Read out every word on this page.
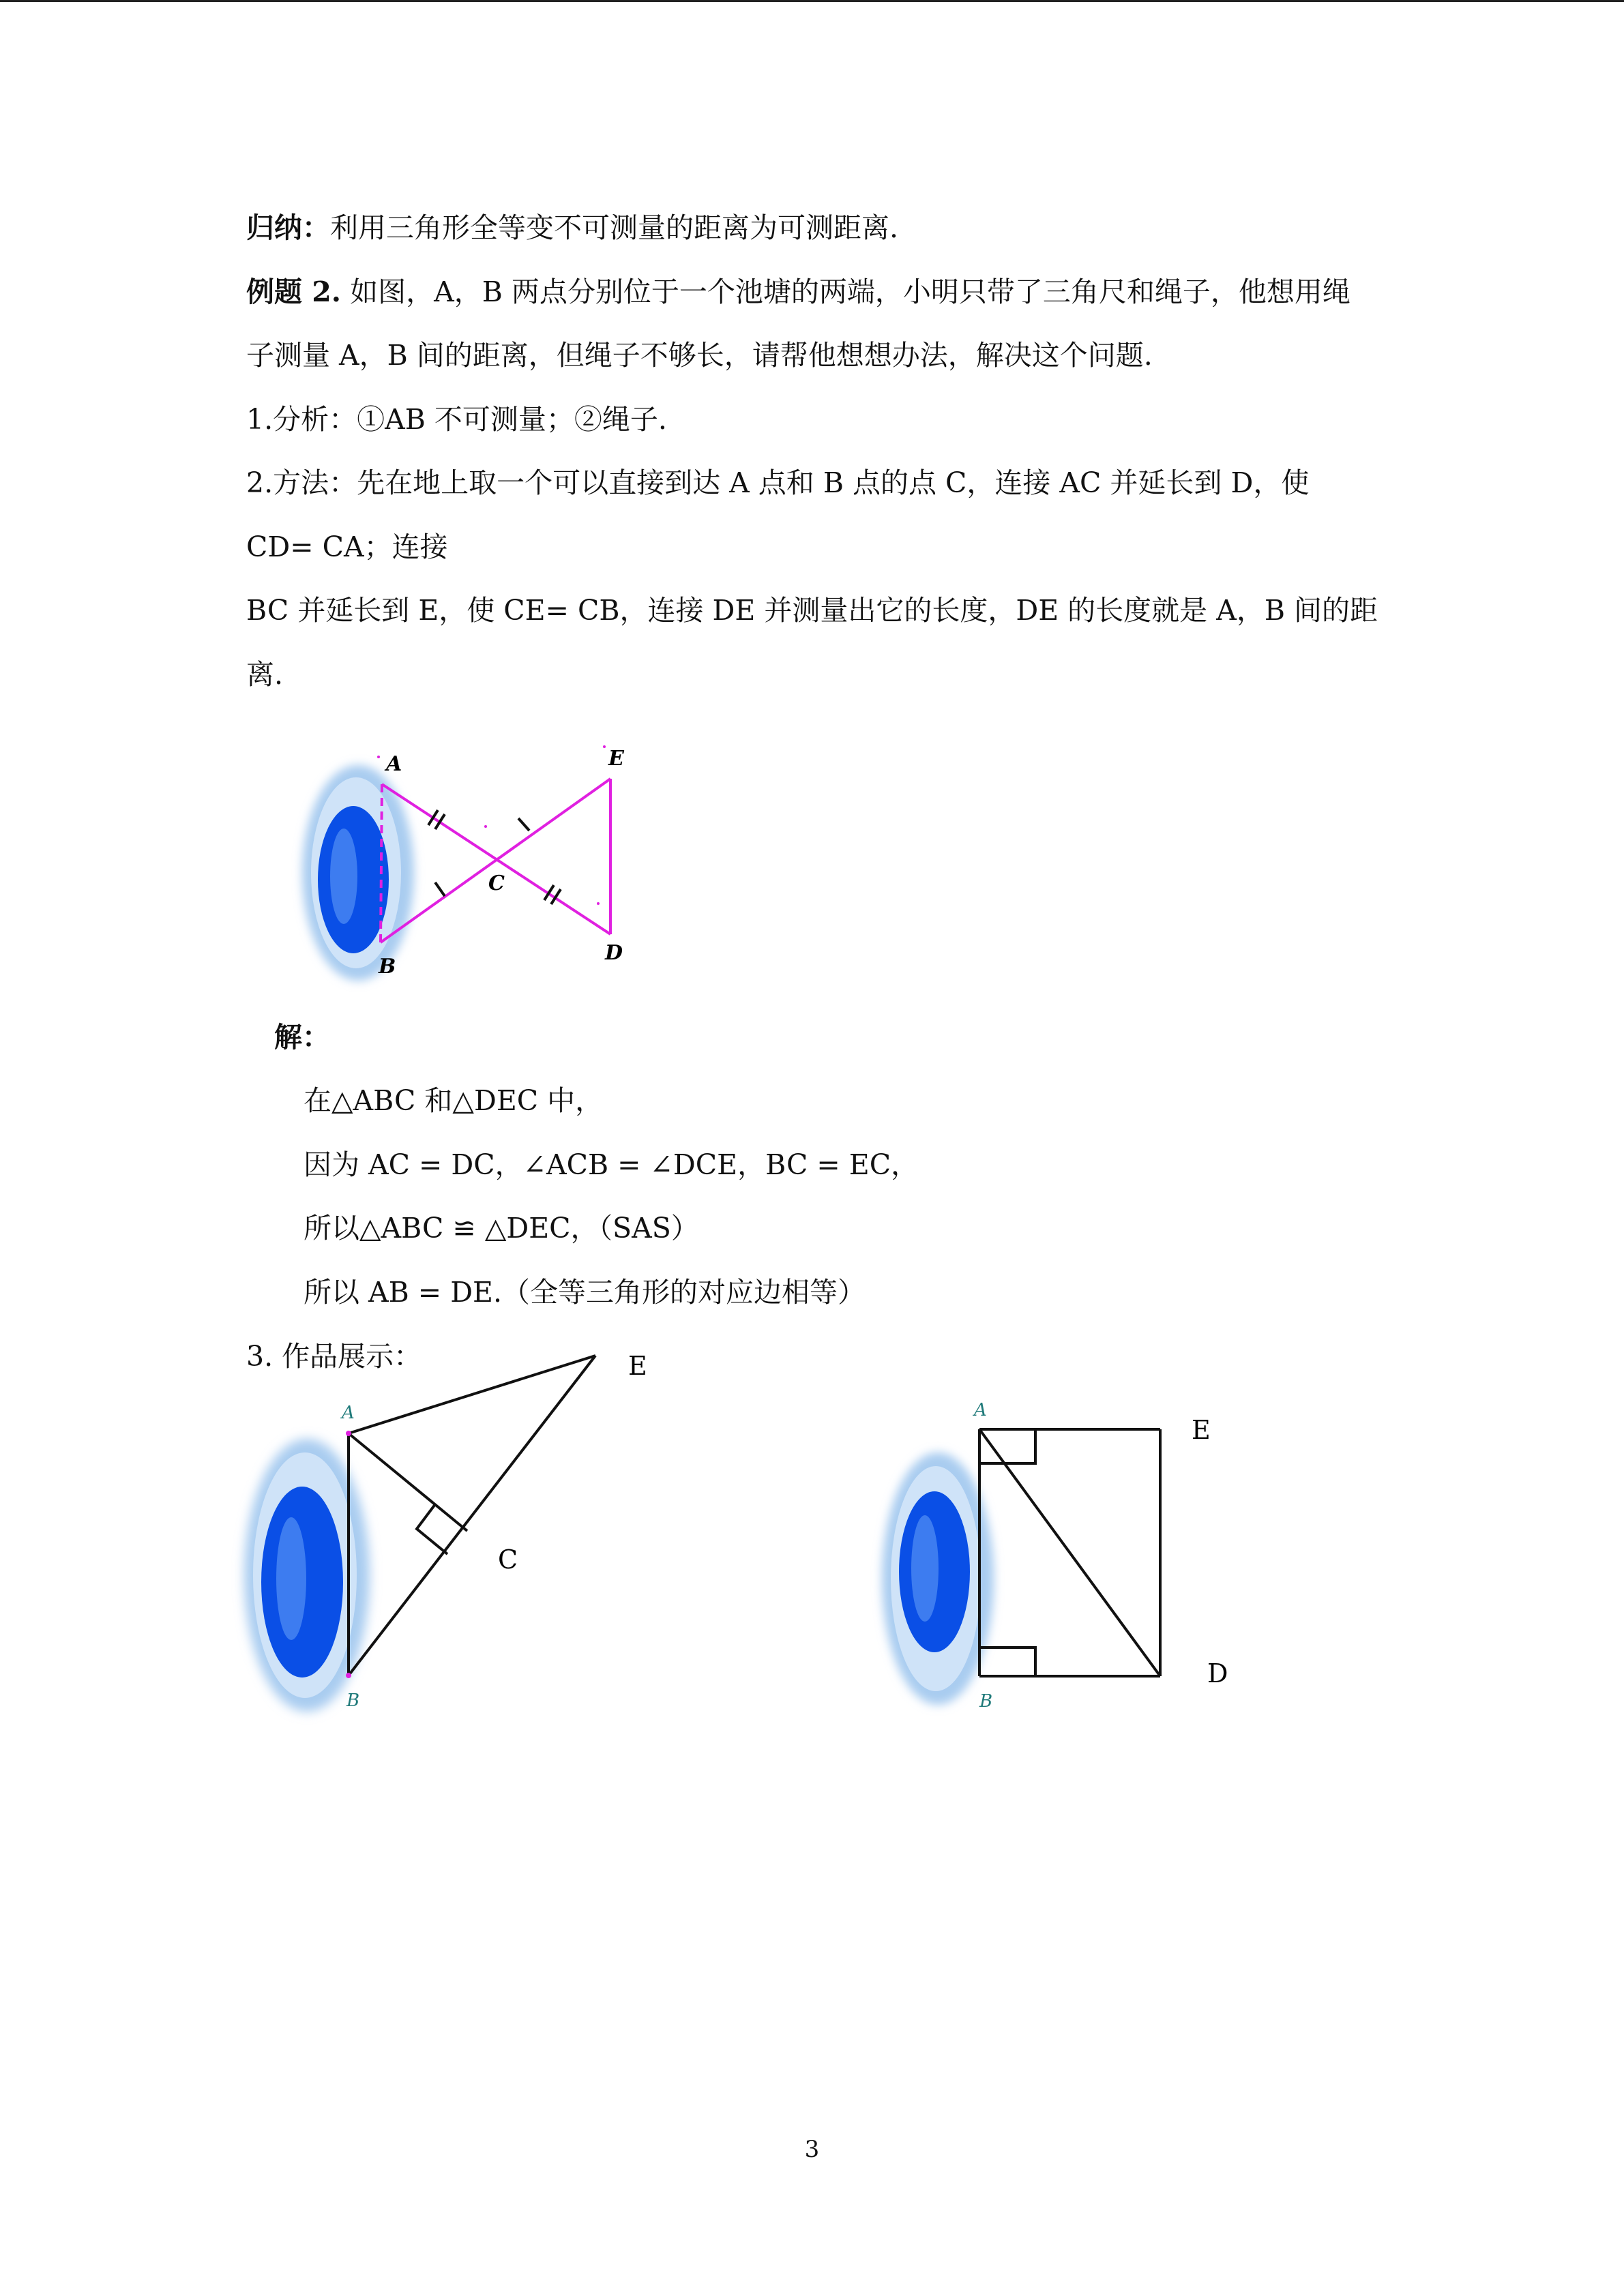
归纳：利用三角形全等变不可测量的距离为可测距离.
例题 2. 如图，A，B 两点分别位于一个池塘的两端，小明只带了三角尺和绳子，他想用绳
子测量 A，B 间的距离，但绳子不够长，请帮他想想办法，解决这个问题.
1.分析：①AB 不可测量；②绳子.
2.方法：先在地上取一个可以直接到达 A 点和 B 点的点 C，连接 AC 并延长到 D，使
CD= CA；连接
BC 并延长到 E，使 CE= CB，连接 DE 并测量出它的长度，DE 的长度就是 A，B 间的距
离.
A
B
C
D
E
解：
在△ABC 和△DEC 中，
因为 AC = DC，∠ACB = ∠DCE，BC = EC，
所以△ABC ≌ △DEC，（SAS）
所以 AB = DE.（全等三角形的对应边相等）
3. 作品展示：
A
B
C
E
A
B
D
E
3
